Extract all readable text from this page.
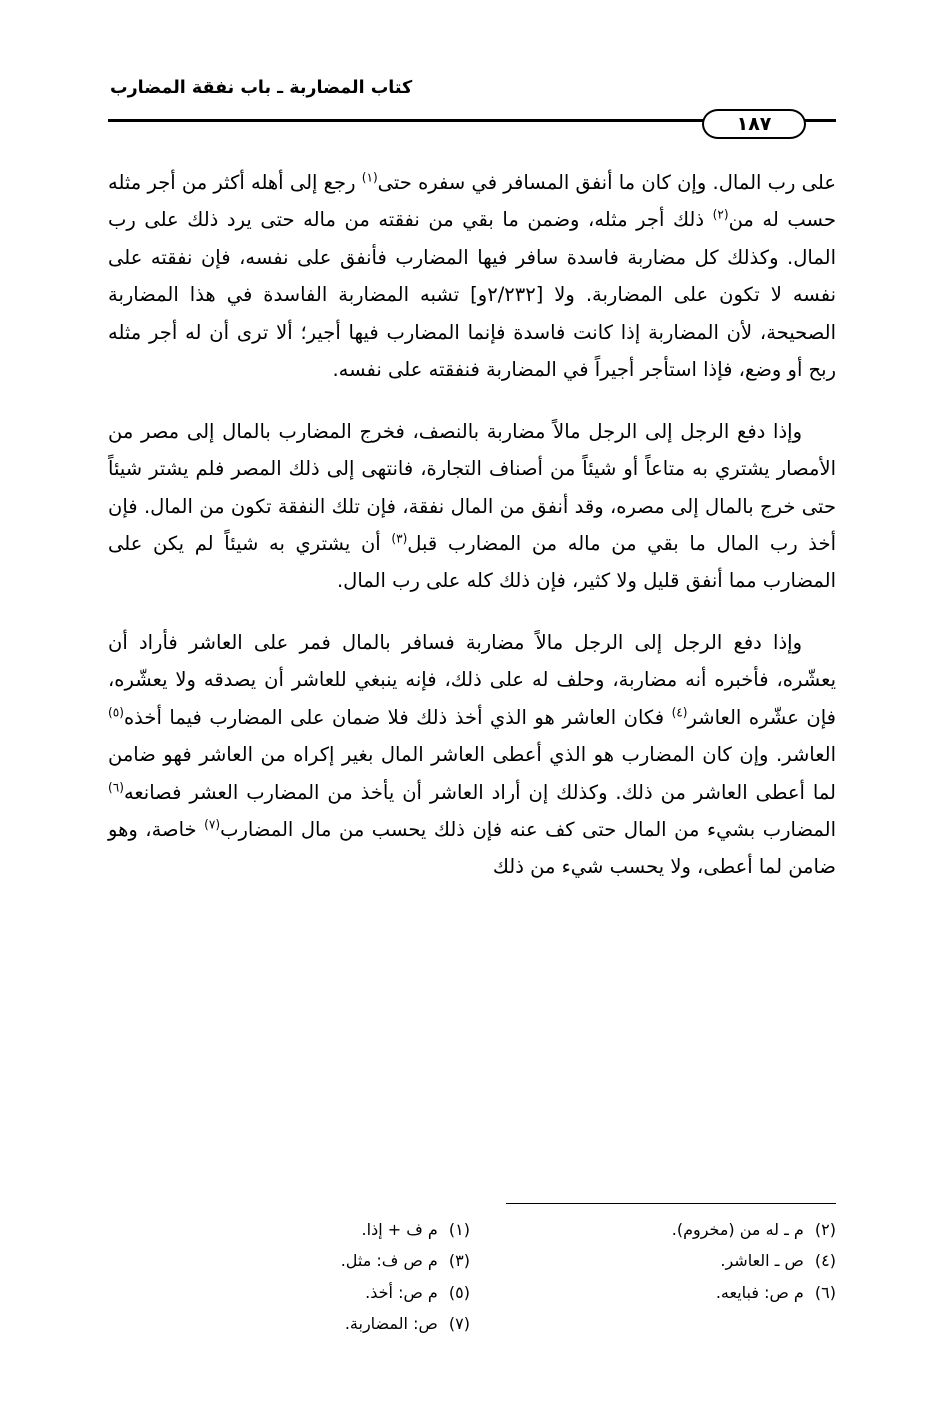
كتاب المضاربة ـ باب نفقة المضارب
١٨٧

على رب المال. وإن كان ما أنفق المسافر في سفره حتى$^{(١)}$ رجع إلى أهله أكثر من أجر مثله حسب له من$^{(٢)}$ ذلك أجر مثله، وضمن ما بقي من نفقته من ماله حتى يرد ذلك على رب المال. وكذلك كل مضاربة فاسدة سافر فيها المضارب فأنفق على نفسه، فإن نفقته على نفسه لا تكون على المضاربة. ولا [٢/٢٣٢و] تشبه المضاربة الفاسدة في هذا المضاربة الصحيحة، لأن المضاربة إذا كانت فاسدة فإنما المضارب فيها أجير؛ ألا ترى أن له أجر مثله ربح أو وضع، فإذا استأجر أجيراً في المضاربة فنفقته على نفسه.

وإذا دفع الرجل إلى الرجل مالاً مضاربة بالنصف، فخرج المضارب بالمال إلى مصر من الأمصار يشتري به متاعاً أو شيئاً من أصناف التجارة، فانتهى إلى ذلك المصر فلم يشتر شيئاً حتى خرج بالمال إلى مصره، وقد أنفق من المال نفقة، فإن تلك النفقة تكون من المال. فإن أخذ رب المال ما بقي من ماله من المضارب قبل$^{(٣)}$ أن يشتري به شيئاً لم يكن على المضارب مما أنفق قليل ولا كثير، فإن ذلك كله على رب المال.

وإذا دفع الرجل إلى الرجل مالاً مضاربة فسافر بالمال فمر على العاشر فأراد أن يعشّره، فأخبره أنه مضاربة، وحلف له على ذلك، فإنه ينبغي للعاشر أن يصدقه ولا يعشّره، فإن عشّره العاشر$^{(٤)}$ فكان العاشر هو الذي أخذ ذلك فلا ضمان على المضارب فيما أخذه$^{(٥)}$ العاشر. وإن كان المضارب هو الذي أعطى العاشر المال بغير إكراه من العاشر فهو ضامن لما أعطى العاشر من ذلك. وكذلك إن أراد العاشر أن يأخذ من المضارب العشر فصانعه$^{(٦)}$ المضارب بشيء من المال حتى كف عنه فإن ذلك يحسب من مال المضارب$^{(٧)}$ خاصة، وهو ضامن لما أعطى، ولا يحسب شيء من ذلك

(٢) م ـ له من (مخروم).
(٤) ص ـ العاشر.
(٦) م ص: فبايعه.
(١) م ف + إذا.
(٣) م ص ف: مثل.
(٥) م ص: أخذ.
(٧) ص: المضاربة.
